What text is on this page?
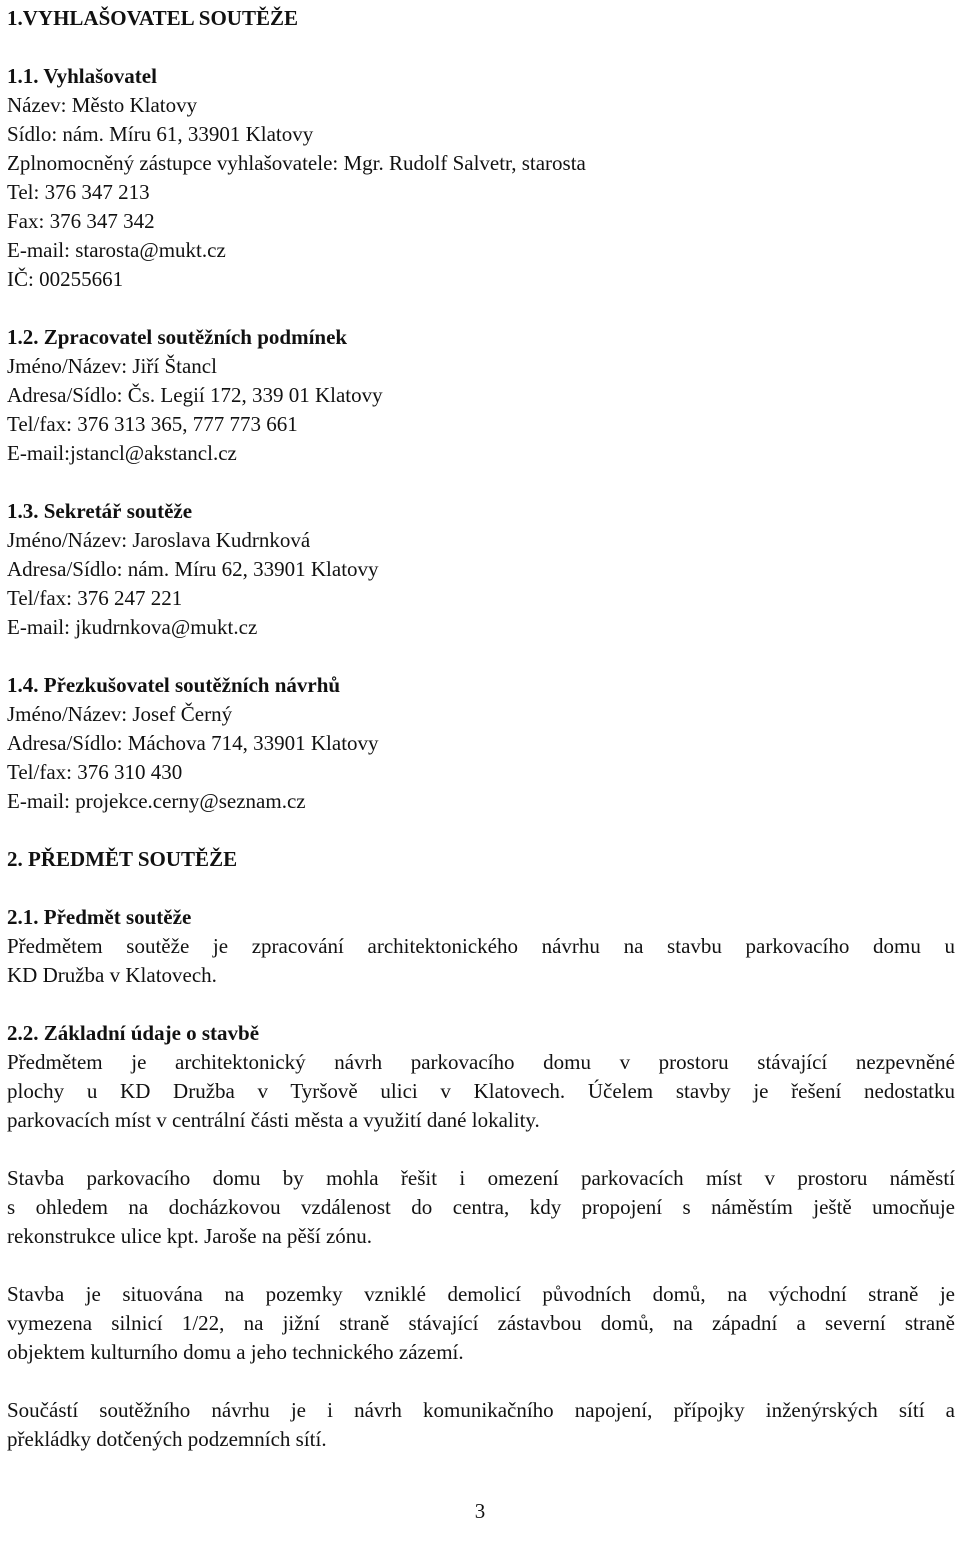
1.VYHLAŠOVATEL SOUTĚŽE

1.1. Vyhlašovatel

Název: Město Klatovy

Sídlo: nám. Míru 61, 33901 Klatovy

Zplnomocněný zástupce vyhlašovatele: Mgr. Rudolf Salvetr, starosta

Tel: 376 347 213

Fax: 376 347 342

E-mail: starosta@mukt.cz

IČ: 00255661

1.2. Zpracovatel soutěžních podmínek

Jméno/Název: Jiří Štancl

Adresa/Sídlo: Čs. Legií 172, 339 01 Klatovy

Tel/fax: 376 313 365, 777 773 661

E-mail:jstancl@akstancl.cz

1.3. Sekretář soutěže

Jméno/Název: Jaroslava Kudrnková

Adresa/Sídlo: nám. Míru 62, 33901 Klatovy

Tel/fax: 376 247 221

E-mail: jkudrnkova@mukt.cz

1.4. Přezkušovatel soutěžních návrhů

Jméno/Název: Josef Černý

Adresa/Sídlo: Máchova 714, 33901 Klatovy

Tel/fax: 376 310 430

E-mail: projekce.cerny@seznam.cz

2. PŘEDMĚT SOUTĚŽE

2.1. Předmět soutěže

Předmětem soutěže je zpracování architektonického návrhu na stavbu parkovacího domu u

KD Družba v Klatovech.

2.2. Základní údaje o stavbě

Předmětem je architektonický návrh parkovacího domu v prostoru stávající nezpevněné

plochy u KD Družba v Tyršově ulici v Klatovech. Účelem stavby je řešení nedostatku

parkovacích míst v centrální části města a využití dané lokality.

Stavba parkovacího domu by mohla řešit i omezení parkovacích míst v prostoru náměstí

s ohledem na docházkovou vzdálenost do centra, kdy propojení s náměstím ještě umocňuje

rekonstrukce ulice kpt. Jaroše na pěší zónu.

Stavba je situována na pozemky vzniklé demolicí původních domů, na východní straně je

vymezena silnicí 1/22, na jižní straně stávající zástavbou domů, na západní a severní straně

objektem kulturního domu a jeho technického zázemí.

Součástí soutěžního návrhu je i návrh komunikačního napojení, přípojky inženýrských sítí a

překládky dotčených podzemních sítí.

3
